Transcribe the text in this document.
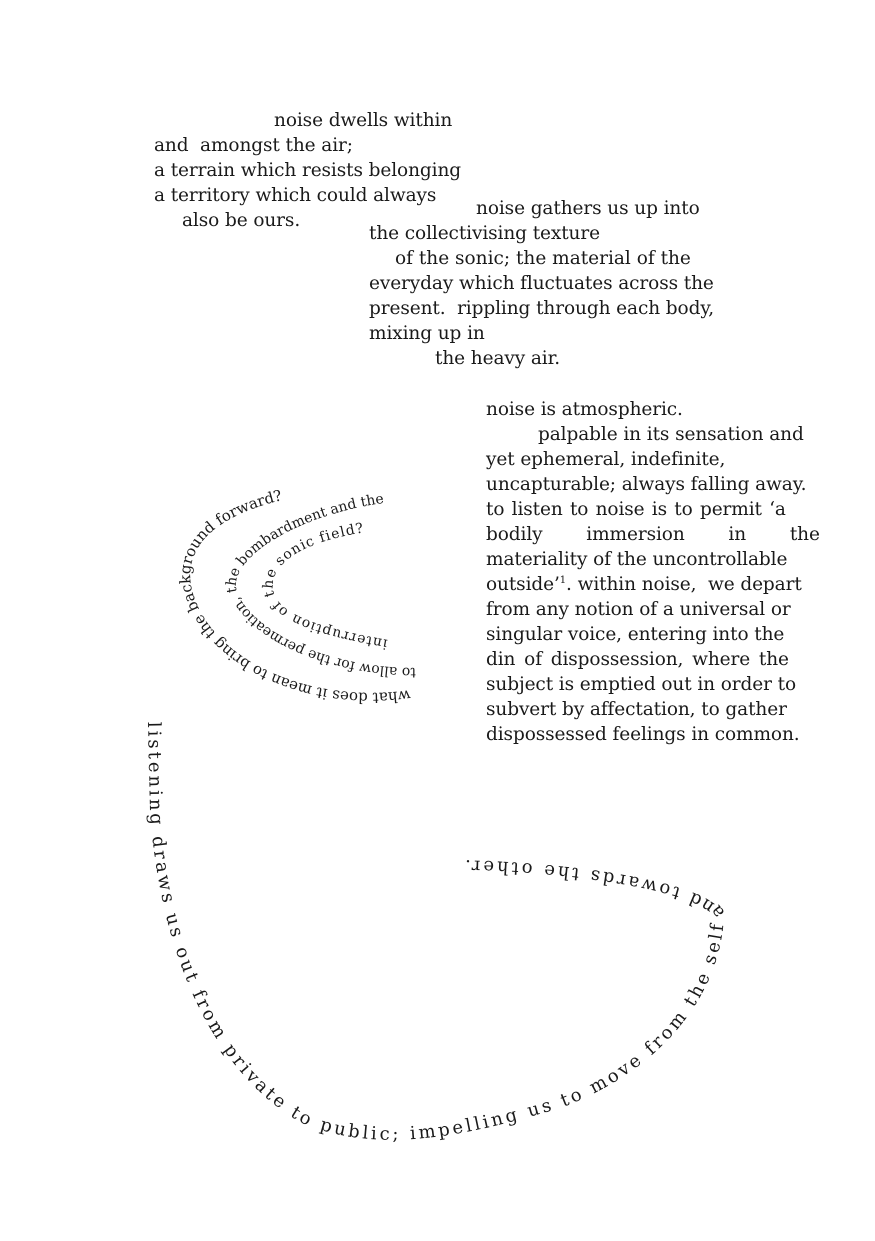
noise dwells within
and  amongst the air;
a terrain which resists belonging
a territory which could always
also be ours.
noise gathers us up into
the collectivising texture
of the sonic; the material of the
everyday which fluctuates across the
present.  rippling through each body,
mixing up in
the heavy air.
noise is atmospheric.
palpable in its sensation and
yet ephemeral, indefinite,
uncapturable; always falling away.
to listen to noise is to permit ‘a
bodily immersion in the
materiality of the uncontrollable
outside’$^1$. within noise,  we depart
from any notion of a universal or
singular voice, entering into the
din of dispossession, where the
subject is emptied out in order to
subvert by affectation, to gather
dispossessed feelings in common.
what does it mean to bring the background forward?
to allow for the permeation, the bombardment and the
interruption of the sonic field?
listening draws us out from private to public; impelling us to move from the self and towards the other.
